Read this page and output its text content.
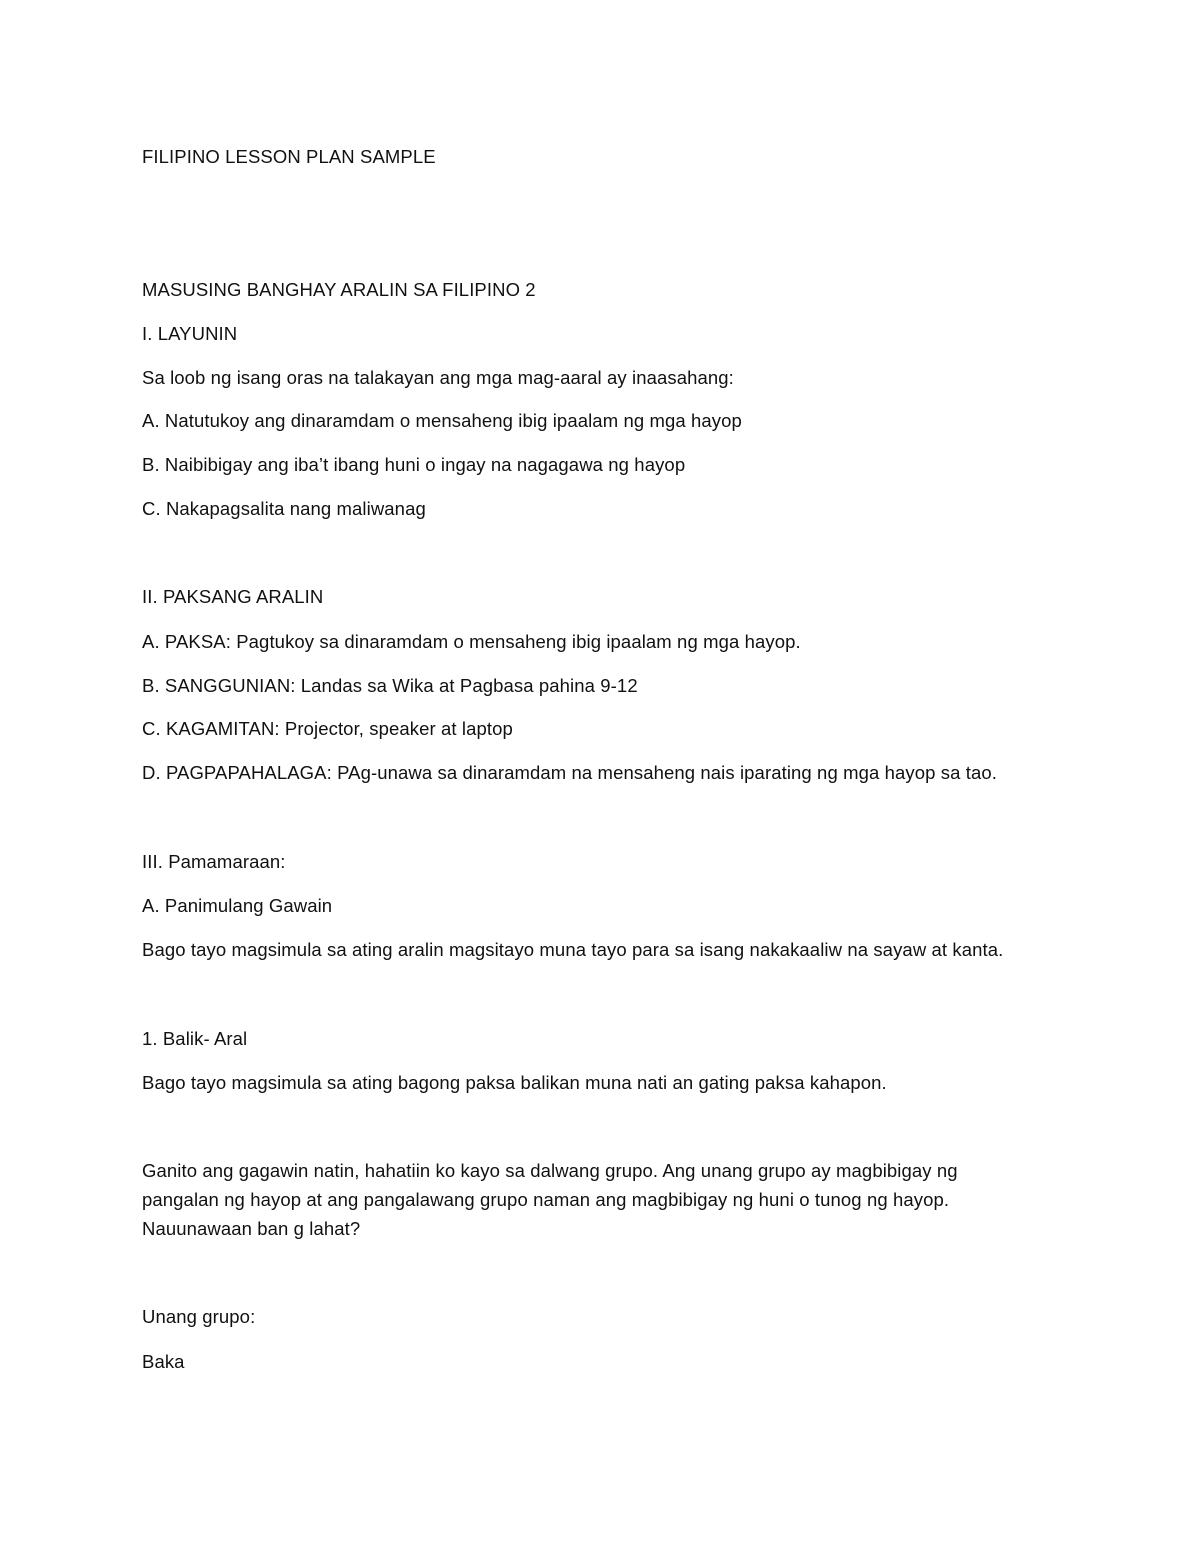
FILIPINO LESSON PLAN SAMPLE
MASUSING BANGHAY ARALIN SA FILIPINO 2
I. LAYUNIN
Sa loob ng isang oras na talakayan ang mga mag-aaral ay inaasahang:
A. Natutukoy ang dinaramdam o mensaheng ibig ipaalam ng mga hayop
B. Naibibigay ang iba’t ibang huni o ingay na nagagawa ng hayop
C. Nakapagsalita nang maliwanag
II. PAKSANG ARALIN
A. PAKSA: Pagtukoy sa dinaramdam o mensaheng ibig ipaalam ng mga hayop.
B. SANGGUNIAN: Landas sa Wika at Pagbasa pahina 9-12
C. KAGAMITAN: Projector, speaker at laptop
D. PAGPAPAHALAGA: PAg-unawa sa dinaramdam na mensaheng nais iparating ng mga hayop sa tao.
III. Pamamaraan:
A. Panimulang Gawain
Bago tayo magsimula sa ating aralin magsitayo muna tayo para sa isang nakakaaliw na sayaw at kanta.
1. Balik- Aral
Bago tayo magsimula sa ating bagong paksa balikan muna nati an gating paksa kahapon.
Ganito ang gagawin natin, hahatiin ko kayo sa dalwang grupo. Ang unang grupo ay magbibigay ng
pangalan ng hayop at ang pangalawang grupo naman ang magbibigay ng huni o tunog ng hayop.
Nauunawaan ban g lahat?
Unang grupo:
Baka
